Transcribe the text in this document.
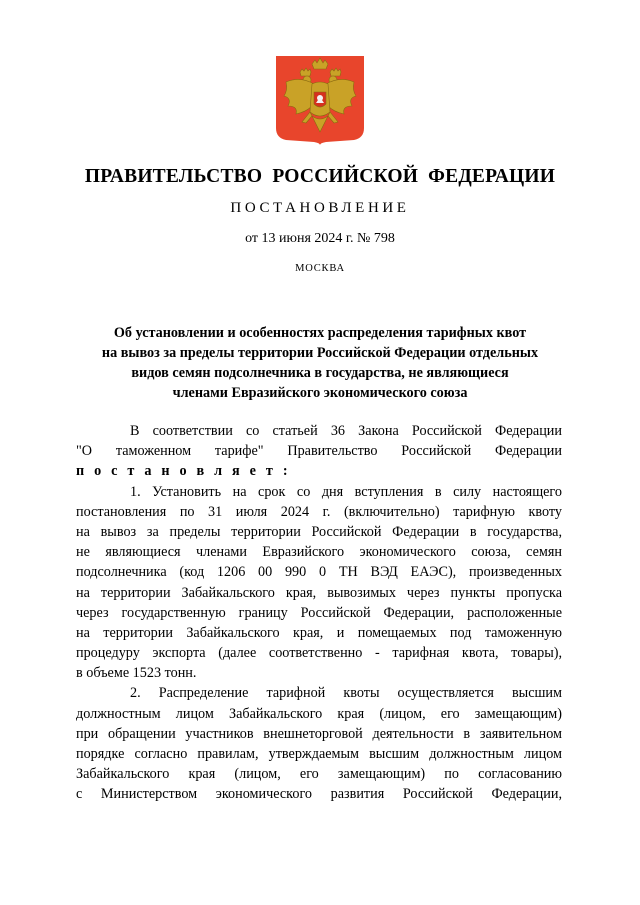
ПРАВИТЕЛЬСТВО РОССИЙСКОЙ ФЕДЕРАЦИИ
ПОСТАНОВЛЕНИЕ
от 13 июня 2024 г. № 798
МОСКВА
Об установлении и особенностях распределения тарифных квот
на вывоз за пределы территории Российской Федерации отдельных
видов семян подсолнечника в государства, не являющиеся
членами Евразийского экономического союза
В соответствии со статьей 36 Закона Российской Федерации
"О таможенном тарифе" Правительство Российской Федерации
п о с т а н о в л я е т :
1. Установить на срок со дня вступления в силу настоящего
постановления по 31 июля 2024 г. (включительно) тарифную квоту
на вывоз за пределы территории Российской Федерации в государства,
не являющиеся членами Евразийского экономического союза, семян
подсолнечника (код 1206 00 990 0 ТН ВЭД ЕАЭС), произведенных
на территории Забайкальского края, вывозимых через пункты пропуска
через государственную границу Российской Федерации, расположенные
на территории Забайкальского края, и помещаемых под таможенную
процедуру экспорта (далее соответственно - тарифная квота, товары),
в объеме 1523 тонн.
2. Распределение тарифной квоты осуществляется высшим
должностным лицом Забайкальского края (лицом, его замещающим)
при обращении участников внешнеторговой деятельности в заявительном
порядке согласно правилам, утверждаемым высшим должностным лицом
Забайкальского края (лицом, его замещающим) по согласованию
с Министерством экономического развития Российской Федерации,
